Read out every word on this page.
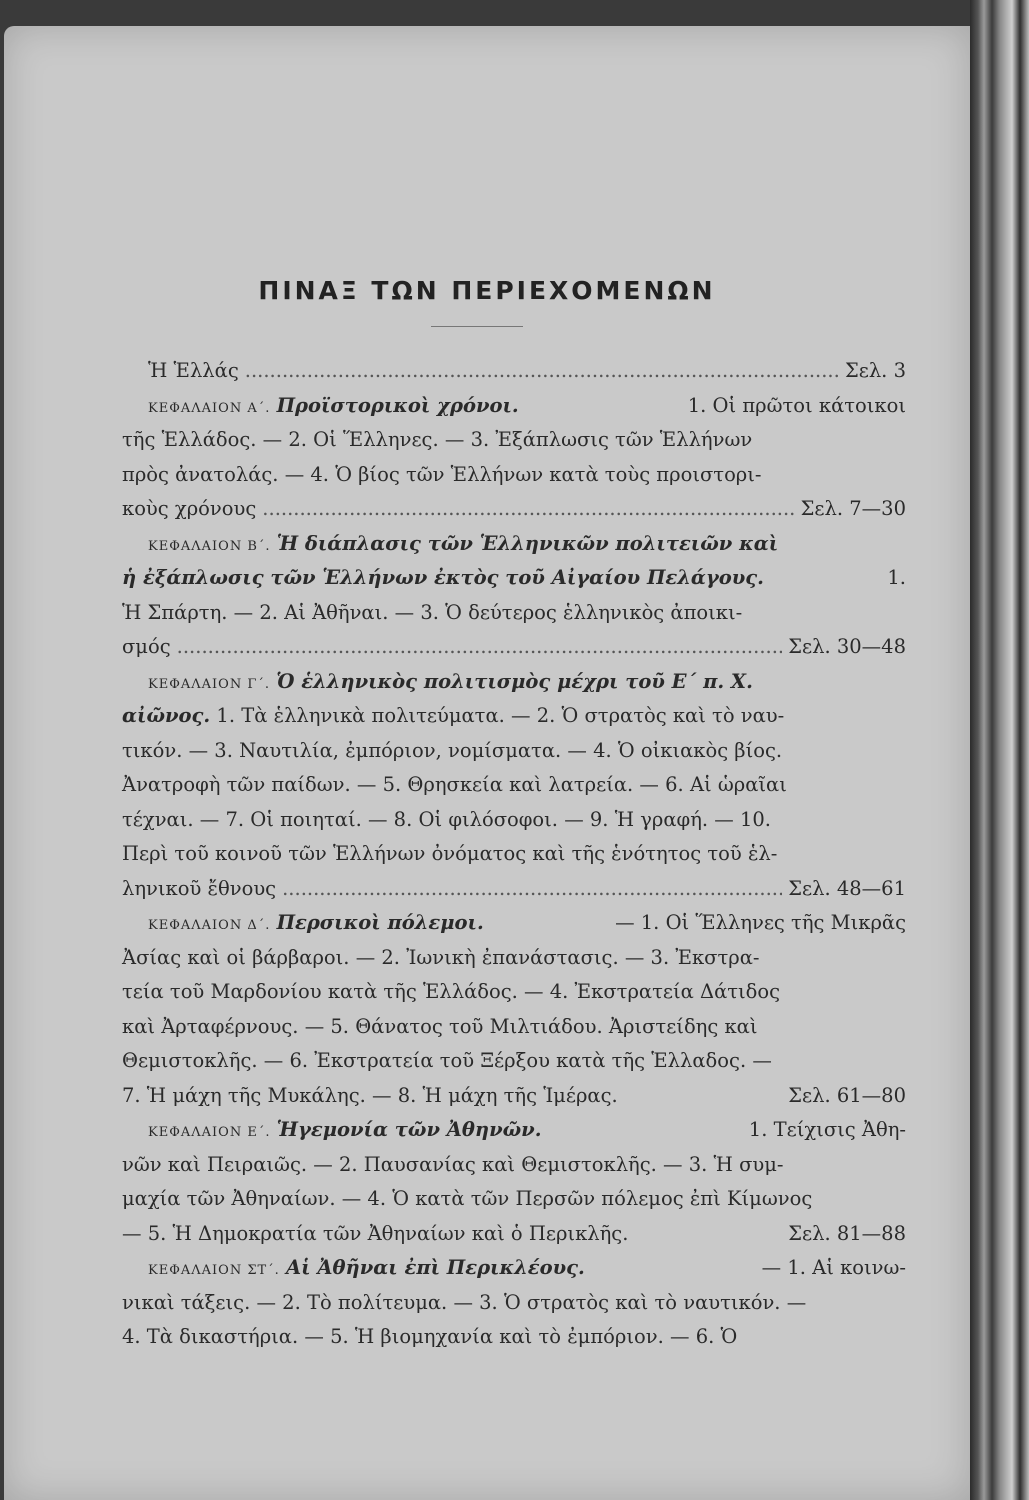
ΠΙΝΑΞ ΤΩΝ ΠΕΡΙΕΧΟΜΕΝΩΝ
Ἡ Ἑλλάς .....	Σελ. 3
ΚΕΦΑΛΑΙΟΝ Α΄. Προϊστορικοὶ χρόνοι.	1. Οἱ πρῶτοι κάτοικοι
τῆς Ἑλλάδος. — 2. Οἱ Ἕλληνες. — 3. Ἐξάπλωσις τῶν Ἑλλήνων
πρὸς ἀνατολάς. — 4. Ὁ βίος τῶν Ἑλλήνων κατὰ τοὺς προιστορι-
κοὺς χρόνους .....	Σελ. 7—30
ΚΕΦΑΛΑΙΟΝ Β΄. Ἡ διάπλασις τῶν Ἑλληνικῶν πολιτειῶν καὶ
ἡ ἐξάπλωσις τῶν Ἑλλήνων ἐκτὸς τοῦ Αἰγαίου Πελάγους.	1.
Ἡ Σπάρτη. — 2. Αἱ Ἀθῆναι. — 3. Ὁ δεύτερος ἑλληνικὸς ἀποικι-
σμός .....	Σελ. 30—48
ΚΕΦΑΛΑΙΟΝ Γ΄. Ὁ ἑλληνικὸς πολιτισμὸς μέχρι τοῦ Ε΄ π. Χ.
αἰῶνος. 1. Τὰ ἑλληνικὰ πολιτεύματα. — 2. Ὁ στρατὸς καὶ τὸ ναυ-
τικόν. — 3. Ναυτιλία, ἐμπόριον, νομίσματα. — 4. Ὁ οἰκιακὸς βίος.
Ἀνατροφὴ τῶν παίδων. — 5. Θρησκεία καὶ λατρεία. — 6. Αἱ ὡραῖαι
τέχναι. — 7. Οἱ ποιηταί. — 8. Οἱ φιλόσοφοι. — 9. Ἡ γραφή. — 10.
Περὶ τοῦ κοινοῦ τῶν Ἑλλήνων ὀνόματος καὶ τῆς ἑνότητος τοῦ ἑλ-
ληνικοῦ ἔθνους .....	Σελ. 48—61
ΚΕΦΑΛΑΙΟΝ Δ΄. Περσικοὶ πόλεμοι.	— 1. Οἱ Ἕλληνες τῆς Μικρᾶς
Ἀσίας καὶ οἱ βάρβαροι. — 2. Ἰωνικὴ ἐπανάστασις. — 3. Ἐκστρα-
τεία τοῦ Μαρδονίου κατὰ τῆς Ἑλλάδος. — 4. Ἐκστρατεία Δάτιδος
καὶ Ἀρταφέρνους. — 5. Θάνατος τοῦ Μιλτιάδου. Ἀριστείδης καὶ
Θεμιστοκλῆς. — 6. Ἐκστρατεία τοῦ Ξέρξου κατὰ τῆς Ἑλλαδος. —
7. Ἡ μάχη τῆς Μυκάλης. — 8. Ἡ μάχη τῆς Ἱμέρας.	Σελ. 61—80
ΚΕΦΑΛΑΙΟΝ Ε΄. Ἡγεμονία τῶν Ἀθηνῶν.	1. Τείχισις Ἀθη-
νῶν καὶ Πειραιῶς. — 2. Παυσανίας καὶ Θεμιστοκλῆς. — 3. Ἡ συμ-
μαχία τῶν Ἀθηναίων. — 4. Ὁ κατὰ τῶν Περσῶν πόλεμος ἐπὶ Κίμωνος
— 5. Ἡ Δημοκρατία τῶν Ἀθηναίων καὶ ὁ Περικλῆς.	Σελ. 81—88
ΚΕΦΑΛΑΙΟΝ ΣΤ΄. Αἱ Ἀθῆναι ἐπὶ Περικλέους.	— 1. Αἱ κοινω-
νικαὶ τάξεις. — 2. Τὸ πολίτευμα. — 3. Ὁ στρατὸς καὶ τὸ ναυτικόν. —
4. Τὰ δικαστήρια. — 5. Ἡ βιομηχανία καὶ τὸ ἐμπόριον. — 6. Ὁ
